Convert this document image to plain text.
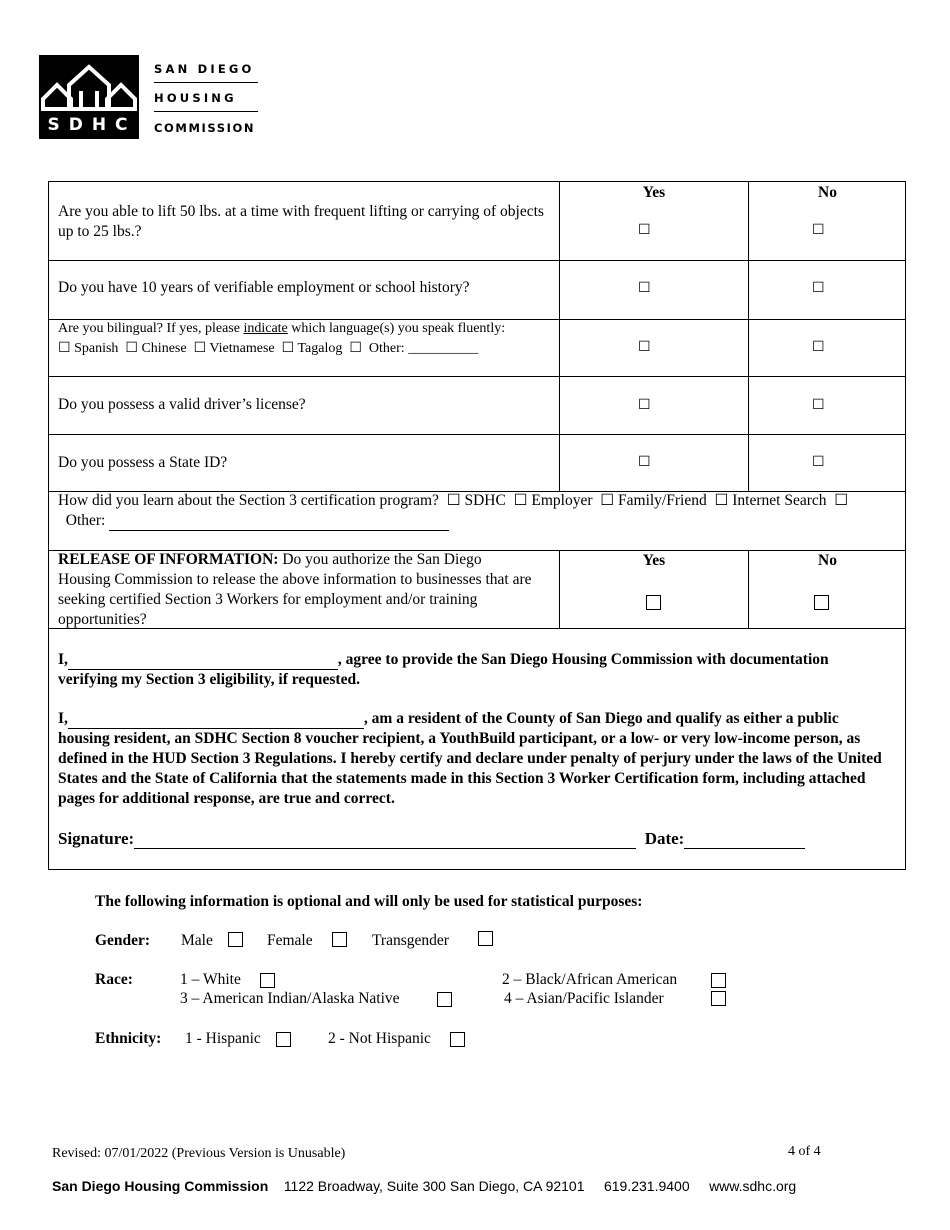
SDHC
SAN DIEGO
HOUSING
COMMISSION
Yes	No
Are you able to lift 50 lbs. at a time with frequent lifting or carrying of objects up to 25 lbs.?	☐	☐
Do you have 10 years of verifiable employment or school history?	☐	☐
Are you bilingual? If yes, please indicate which language(s) you speak fluently:
☐ Spanish ☐ Chinese ☐ Vietnamese ☐ Tagalog ☐ Other: __________	☐	☐
Do you possess a valid driver’s license?	☐	☐
Do you possess a State ID?	☐	☐
How did you learn about the Section 3 certification program? ☐ SDHC ☐ Employer ☐ Family/Friend ☐ Internet Search ☐   Other:
RELEASE OF INFORMATION: Do you authorize the San Diego Housing Commission to release the above information to businesses that are seeking certified Section 3 Workers for employment and/or training opportunities?
Yes	No
I,	, agree to provide the San Diego Housing Commission with documentation verifying my Section 3 eligibility, if requested.
I,	, am a resident of the County of San Diego and qualify as either a public housing resident, an SDHC Section 8 voucher recipient, a YouthBuild participant, or a low- or very low-income person, as defined in the HUD Section 3 Regulations. I hereby certify and declare under penalty of perjury under the laws of the United States and the State of California that the statements made in this Section 3 Worker Certification form, including attached pages for additional response, are true and correct.
Signature:	Date:
The following information is optional and will only be used for statistical purposes:
Gender: Male	Female	Transgender
Race:	1 – White	2 – Black/African American
3 – American Indian/Alaska Native	4 – Asian/Pacific Islander
Ethnicity: 1 - Hispanic	2 - Not Hispanic
Revised: 07/01/2022 (Previous Version is Unusable)	4 of 4
San Diego Housing Commission 1122 Broadway, Suite 300 San Diego, CA 92101 619.231.9400 www.sdhc.org
